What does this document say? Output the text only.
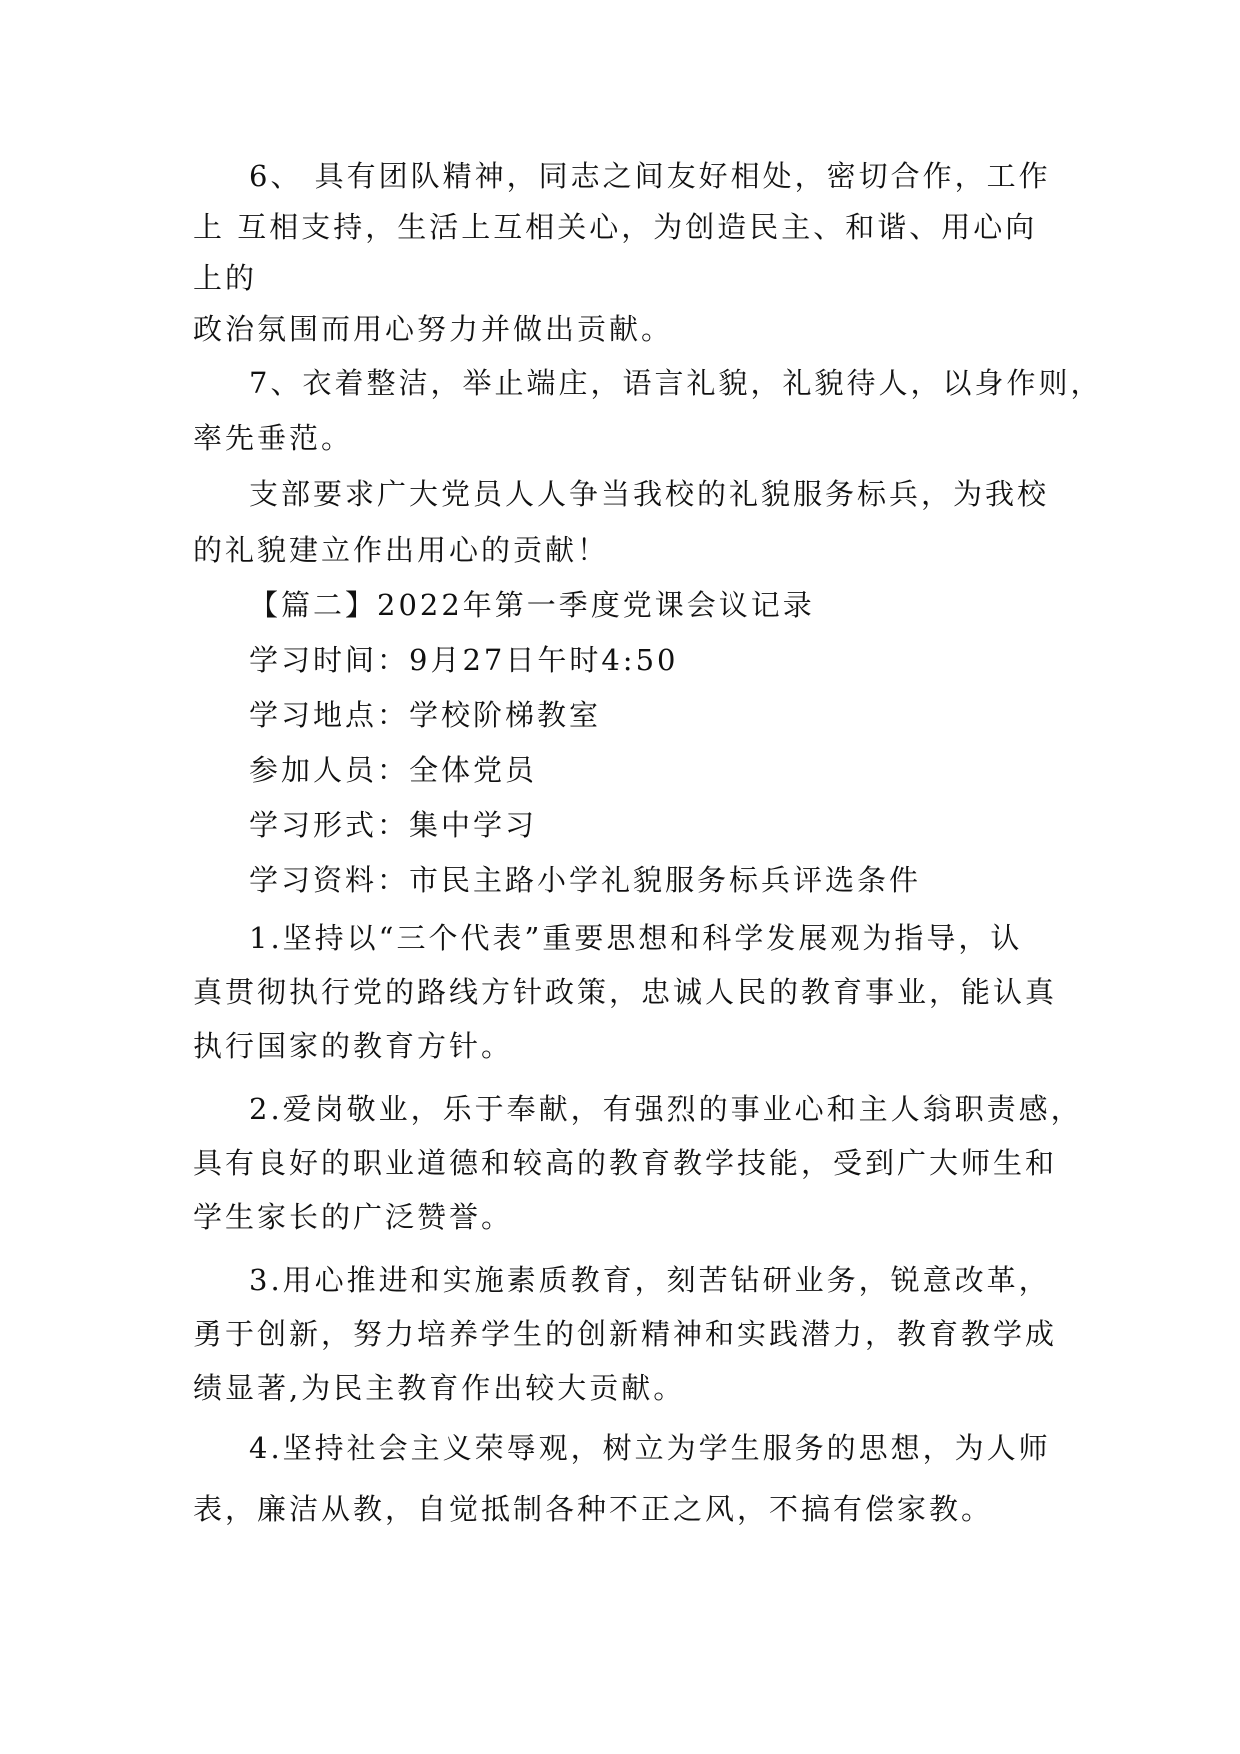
6、 具有团队精神，同志之间友好相处，密切合作，工作
上 互相支持，生活上互相关心，为创造民主、和谐、用心向
上的
政治氛围而用心努力并做出贡献。
7、衣着整洁，举止端庄，语言礼貌，礼貌待人，以身作则，
率先垂范。
支部要求广大党员人人争当我校的礼貌服务标兵，为我校
的礼貌建立作出用心的贡献！
【篇二】2022年第一季度党课会议记录
学习时间：9月27日午时4:50
学习地点：学校阶梯教室
参加人员：全体党员
学习形式：集中学习
学习资料：市民主路小学礼貌服务标兵评选条件
1.坚持以“三个代表”重要思想和科学发展观为指导，认
真贯彻执行党的路线方针政策，忠诚人民的教育事业，能认真
执行国家的教育方针。
2.爱岗敬业，乐于奉献，有强烈的事业心和主人翁职责感，
具有良好的职业道德和较高的教育教学技能，受到广大师生和
学生家长的广泛赞誉。
3.用心推进和实施素质教育，刻苦钻研业务，锐意改革，
勇于创新，努力培养学生的创新精神和实践潜力，教育教学成
绩显著,为民主教育作出较大贡献。
4.坚持社会主义荣辱观，树立为学生服务的思想，为人师
表，廉洁从教，自觉抵制各种不正之风，不搞有偿家教。
